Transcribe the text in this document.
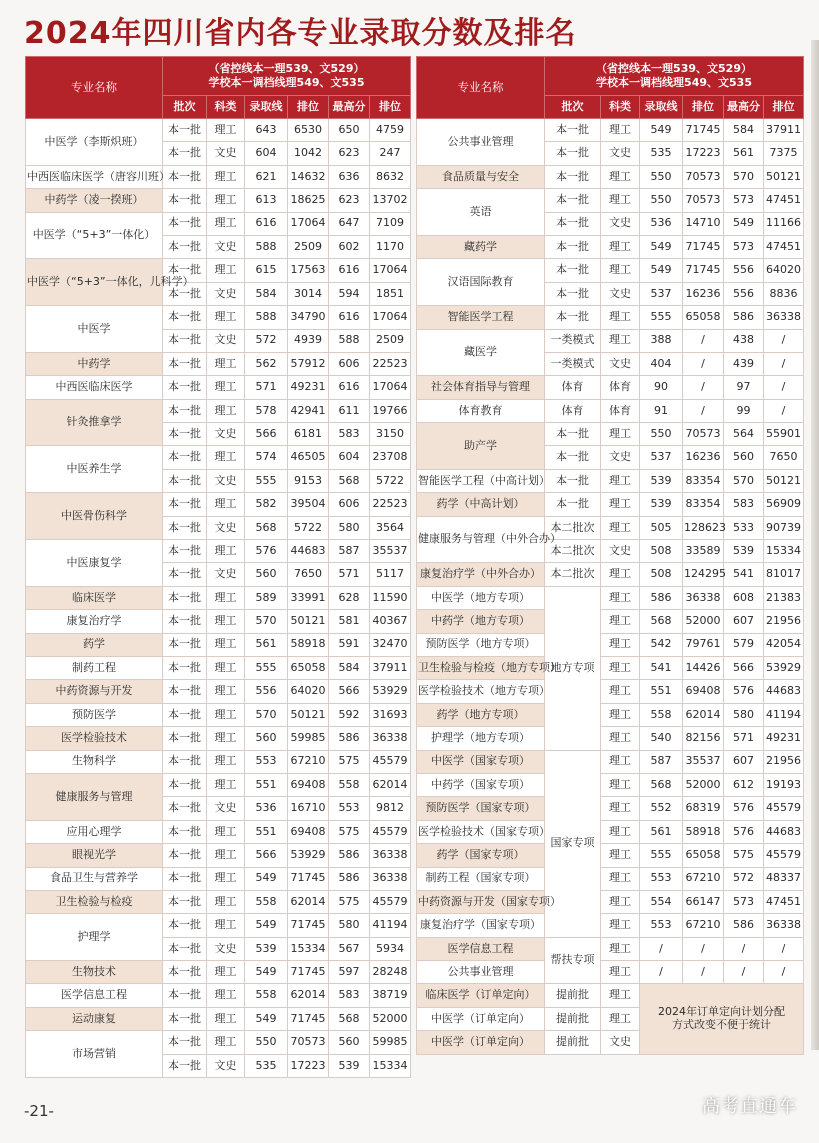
2024年四川省内各专业录取分数及排名
专业名称	（省控线本一理539、文529）
学校本一调档线理549、文535					
	批次	科类	录取线	排位	最高分	排位
中医学（李斯炽班）	本一批	理工	643	6530	650	4759
	本一批	文史	604	1042	623	247
中西医临床医学（唐容川班）	本一批	理工	621	14632	636	8632
中药学（凌一揆班）	本一批	理工	613	18625	623	13702
中医学（“5+3”一体化）	本一批	理工	616	17064	647	7109
	本一批	文史	588	2509	602	1170
中医学（“5+3”一体化，儿科学）	本一批	理工	615	17563	616	17064
	本一批	文史	584	3014	594	1851
中医学	本一批	理工	588	34790	616	17064
	本一批	文史	572	4939	588	2509
中药学	本一批	理工	562	57912	606	22523
中西医临床医学	本一批	理工	571	49231	616	17064
针灸推拿学	本一批	理工	578	42941	611	19766
	本一批	文史	566	6181	583	3150
中医养生学	本一批	理工	574	46505	604	23708
	本一批	文史	555	9153	568	5722
中医骨伤科学	本一批	理工	582	39504	606	22523
	本一批	文史	568	5722	580	3564
中医康复学	本一批	理工	576	44683	587	35537
	本一批	文史	560	7650	571	5117
临床医学	本一批	理工	589	33991	628	11590
康复治疗学	本一批	理工	570	50121	581	40367
药学	本一批	理工	561	58918	591	32470
制药工程	本一批	理工	555	65058	584	37911
中药资源与开发	本一批	理工	556	64020	566	53929
预防医学	本一批	理工	570	50121	592	31693
医学检验技术	本一批	理工	560	59985	586	36338
生物科学	本一批	理工	553	67210	575	45579
健康服务与管理	本一批	理工	551	69408	558	62014
	本一批	文史	536	16710	553	9812
应用心理学	本一批	理工	551	69408	575	45579
眼视光学	本一批	理工	566	53929	586	36338
食品卫生与营养学	本一批	理工	549	71745	586	36338
卫生检验与检疫	本一批	理工	558	62014	575	45579
护理学	本一批	理工	549	71745	580	41194
	本一批	文史	539	15334	567	5934
生物技术	本一批	理工	549	71745	597	28248
医学信息工程	本一批	理工	558	62014	583	38719
运动康复	本一批	理工	549	71745	568	52000
市场营销	本一批	理工	550	70573	560	59985
	本一批	文史	535	17223	539	15334
专业名称	（省控线本一理539、文529）
学校本一调档线理549、文535					
	批次	科类	录取线	排位	最高分	排位
公共事业管理	本一批	理工	549	71745	584	37911
	本一批	文史	535	17223	561	7375
食品质量与安全	本一批	理工	550	70573	570	50121
英语	本一批	理工	550	70573	573	47451
	本一批	文史	536	14710	549	11166
藏药学	本一批	理工	549	71745	573	47451
汉语国际教育	本一批	理工	549	71745	556	64020
	本一批	文史	537	16236	556	8836
智能医学工程	本一批	理工	555	65058	586	36338
藏医学	一类模式	理工	388	/	438	/
	一类模式	文史	404	/	439	/
社会体育指导与管理	体育	体育	90	/	97	/
体育教育	体育	体育	91	/	99	/
助产学	本一批	理工	550	70573	564	55901
	本一批	文史	537	16236	560	7650
智能医学工程（中高计划）	本一批	理工	539	83354	570	50121
药学（中高计划）	本一批	理工	539	83354	583	56909
健康服务与管理（中外合办）	本二批次	理工	505	128623	533	90739
	本二批次	文史	508	33589	539	15334
康复治疗学（中外合办）	本二批次	理工	508	124295	541	81017
中医学（地方专项）	地方专项	理工	586	36338	608	21383
中药学（地方专项）		理工	568	52000	607	21956
预防医学（地方专项）		理工	542	79761	579	42054
卫生检验与检疫（地方专项）		理工	541	14426	566	53929
医学检验技术（地方专项）		理工	551	69408	576	44683
药学（地方专项）		理工	558	62014	580	41194
护理学（地方专项）		理工	540	82156	571	49231
中医学（国家专项）	国家专项	理工	587	35537	607	21956
中药学（国家专项）		理工	568	52000	612	19193
预防医学（国家专项）		理工	552	68319	576	45579
医学检验技术（国家专项）		理工	561	58918	576	44683
药学（国家专项）		理工	555	65058	575	45579
制药工程（国家专项）		理工	553	67210	572	48337
中药资源与开发（国家专项）		理工	554	66147	573	47451
康复治疗学（国家专项）		理工	553	67210	586	36338
医学信息工程	帮扶专项	理工	/	/	/	/
公共事业管理		理工	/	/	/	/
临床医学（订单定向）	提前批	理工	2024年订单定向计划分配
方式改变不便于统计			
中医学（订单定向）	提前批	理工				
中医学（订单定向）	提前批	文史				
-21-	高考直通车
